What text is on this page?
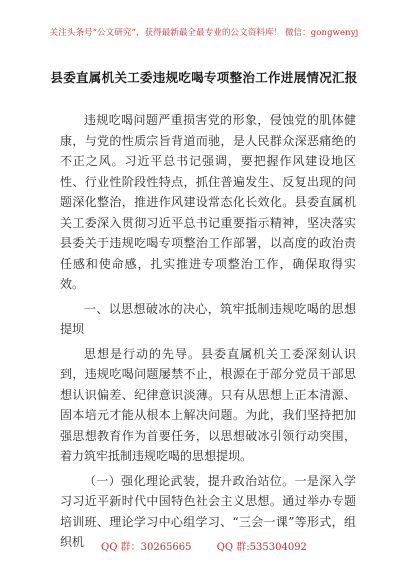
关注头条号“公文研究”，获得最新最全最专业的公文资料库！ 微信：gongwenyj
县委直属机关工委违规吃喝专项整治工作进展情况汇报

违规吃喝问题严重损害党的形象，侵蚀党的肌体健康，与党的性质宗旨背道而驰，是人民群众深恶痛绝的不正之风。习近平总书记强调，要把握作风建设地区性、行业性阶段性特点，抓住普遍发生、反复出现的问题深化整治，推进作风建设常态化长效化。县委直属机关工委深入贯彻习近平总书记重要指示精神，坚决落实县委关于违规吃喝专项整治工作部署，以高度的政治责任感和使命感，扎实推进专项整治工作，确保取得实效。

一、以思想破冰的决心，筑牢抵制违规吃喝的思想提坝

思想是行动的先导。县委直属机关工委深刻认识到，违规吃喝问题屡禁不止，根源在于部分党员干部思想认识偏差、纪律意识淡薄。只有从思想上正本清源、固本培元才能从根本上解决问题。为此，我们坚持把加强思想教育作为首要任务，以思想破冰引领行动突围，着力筑牢抵制违规吃喝的思想提坝。

（一）强化理论武装，提升政治站位。一是深入学习习近平新时代中国特色社会主义思想。通过举办专题培训班、理论学习中心组学习、“三会一课”等形式，组织机	QQ 群：30265665	QQ 群:535304092
